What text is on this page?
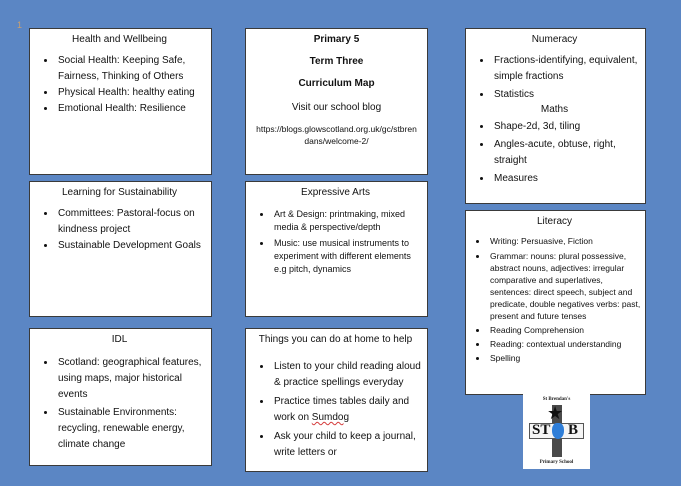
1
Health and Wellbeing
• Social Health: Keeping Safe, Fairness, Thinking of Others
• Physical Health: healthy eating
• Emotional Health: Resilience
Primary 5
Term Three
Curriculum Map
Visit our school blog
https://blogs.glowscotland.org.uk/gc/stbrendans/welcome-2/
Numeracy
• Fractions-identifying, equivalent, simple fractions
• Statistics
Maths
• Shape-2d, 3d, tiling
• Angles-acute, obtuse, right, straight
• Measures
Learning for Sustainability
• Committees: Pastoral-focus on kindness project
• Sustainable Development Goals
Expressive Arts
• Art & Design: printmaking, mixed media & perspective/depth
• Music: use musical instruments to experiment with different elements e.g pitch, dynamics
Literacy
• Writing: Persuasive, Fiction
• Grammar: nouns: plural possessive, abstract nouns, adjectives: irregular comparative and superlatives, sentences: direct speech, subject and predicate, double negatives verbs: past, present and future tenses
• Reading Comprehension
• Reading: contextual understanding
• Spelling
IDL
• Scotland: geographical features, using maps, major historical events
• Sustainable Environments: recycling, renewable energy, climate change
Things you can do at home to help
• Listen to your child reading aloud & practice spellings everyday
• Practice times tables daily and work on Sumdog
• Ask your child to keep a journal, write letters or
St Brendan's
★
ST B
Primary School
